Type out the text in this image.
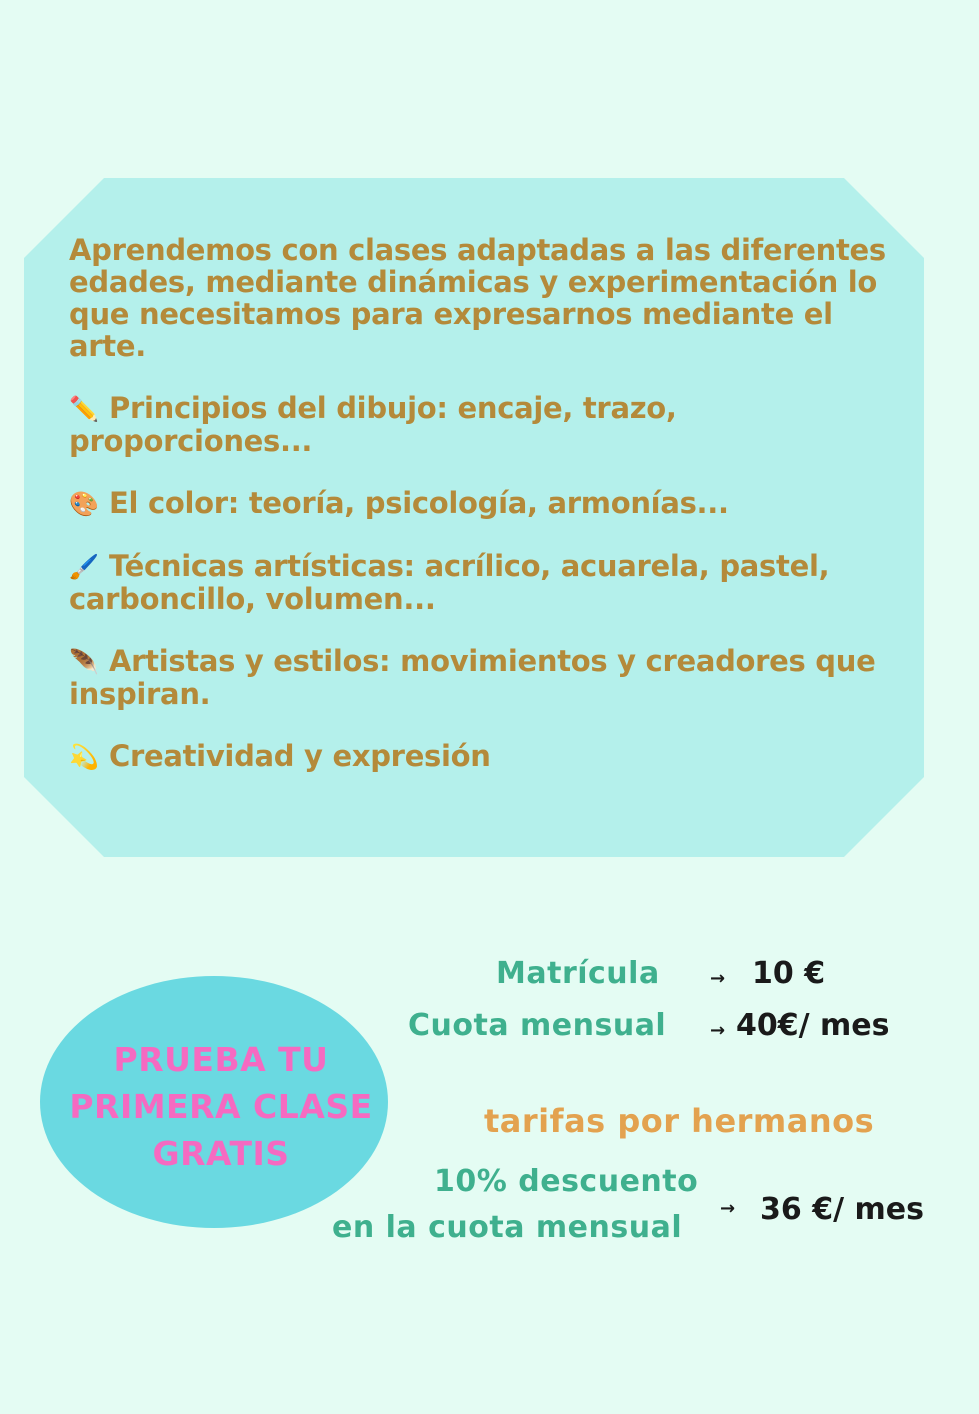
Aprendemos con clases adaptadas a las diferentes edades, mediante dinámicas y experimentación lo que necesitamos para expresarnos mediante el arte.

✏️ Principios del dibujo: encaje, trazo, proporciones...

🎨 El color: teoría, psicología, armonías...

🖌️ Técnicas artísticas: acrílico, acuarela, pastel, carboncillo, volumen...

🪶 Artistas y estilos: movimientos y creadores que inspiran.

💫 Creatividad y expresión

Matrícula	→ 10 €
Cuota mensual → 40€/ mes
PRUEBA TU
PRIMERA CLASE
GRATIS
tarifas por hermanos
10% descuento
en la cuota mensual
→ 36 €/ mes
